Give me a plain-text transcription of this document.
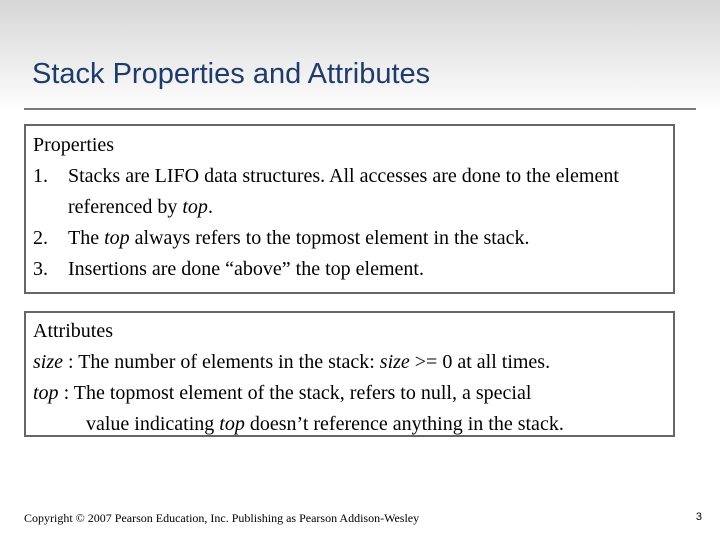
Stack Properties and Attributes
Properties
1. Stacks are LIFO data structures. All accesses are done to the element referenced by top.
2. The top always refers to the topmost element in the stack.
3. Insertions are done “above” the top element.
Attributes
size : The number of elements in the stack: size >= 0 at all times.
top : The topmost element of the stack, refers to null, a special
value indicating top doesn’t reference anything in the stack.
Copyright © 2007 Pearson Education, Inc. Publishing as Pearson Addison-Wesley	3
